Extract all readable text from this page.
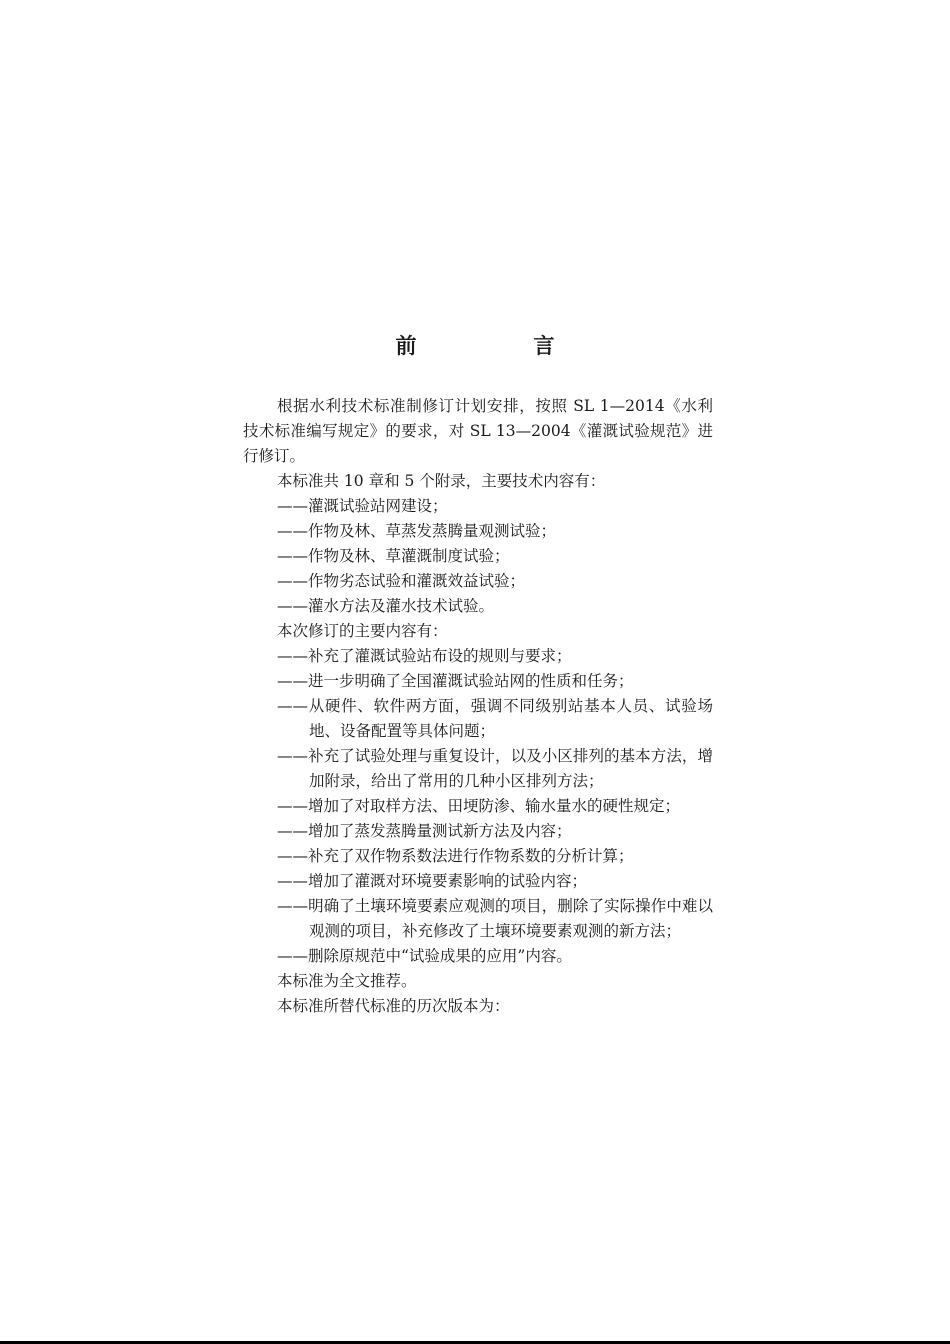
前　言

根据水利技术标准制修订计划安排，按照 SL 1—2014《水利技术标准编写规定》的要求，对 SL 13—2004《灌溉试验规范》进行修订。

本标准共 10 章和 5 个附录，主要技术内容有：

——灌溉试验站网建设；
——作物及林、草蒸发蒸腾量观测试验；
——作物及林、草灌溉制度试验；
——作物劣态试验和灌溉效益试验；
——灌水方法及灌水技术试验。

本次修订的主要内容有：

——补充了灌溉试验站布设的规则与要求；
——进一步明确了全国灌溉试验站网的性质和任务；
——从硬件、软件两方面，强调不同级别站基本人员、试验场地、设备配置等具体问题；
——补充了试验处理与重复设计，以及小区排列的基本方法，增加附录，给出了常用的几种小区排列方法；
——增加了对取样方法、田埂防渗、输水量水的硬性规定；
——增加了蒸发蒸腾量测试新方法及内容；
——补充了双作物系数法进行作物系数的分析计算；
——增加了灌溉对环境要素影响的试验内容；
——明确了土壤环境要素应观测的项目，删除了实际操作中难以观测的项目，补充修改了土壤环境要素观测的新方法；
——删除原规范中“试验成果的应用”内容。

本标准为全文推荐。

本标准所替代标准的历次版本为：
